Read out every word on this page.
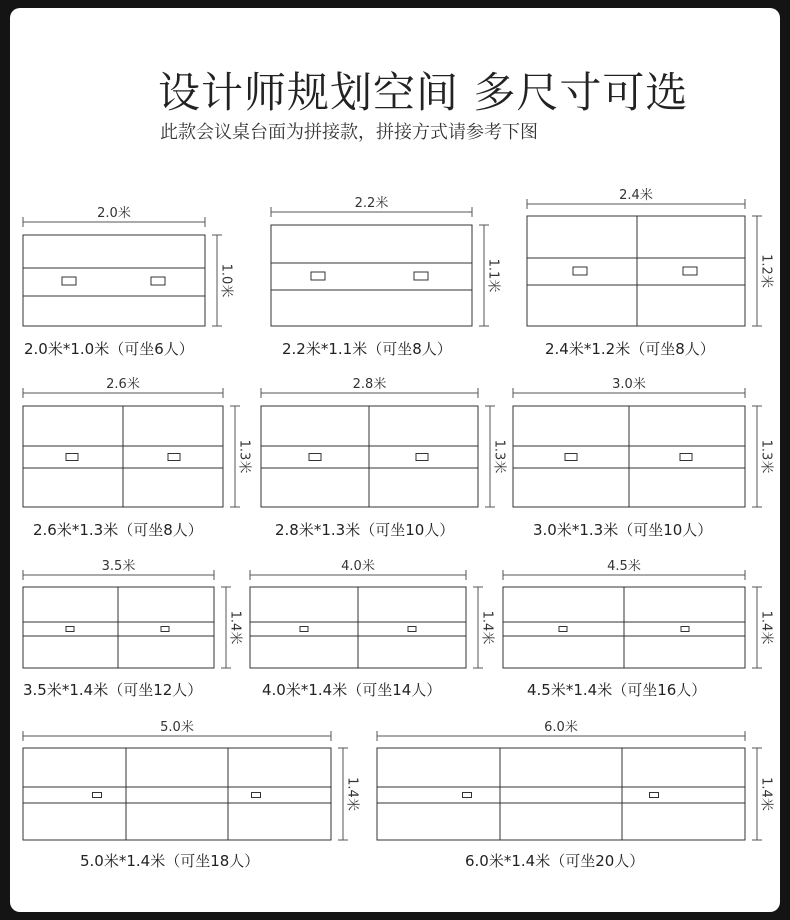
设计师规划空间 多尺寸可选
此款会议桌台面为拼接款，拼接方式请参考下图
2.0米
1.0米
2.2米
1.1米
2.4米
1.2米
2.6米
1.3米
2.8米
1.3米
3.0米
1.3米
3.5米
1.4米
4.0米
1.4米
4.5米
1.4米
5.0米
1.4米
6.0米
1.4米
2.0米*1.0米（可坐6人）	2.2米*1.1米（可坐8人）	2.4米*1.2米（可坐8人）
2.6米*1.3米（可坐8人）	2.8米*1.3米（可坐10人）	3.0米*1.3米（可坐10人）
3.5米*1.4米（可坐12人）	4.0米*1.4米（可坐14人）	4.5米*1.4米（可坐16人）
5.0米*1.4米（可坐18人）	6.0米*1.4米（可坐20人）
